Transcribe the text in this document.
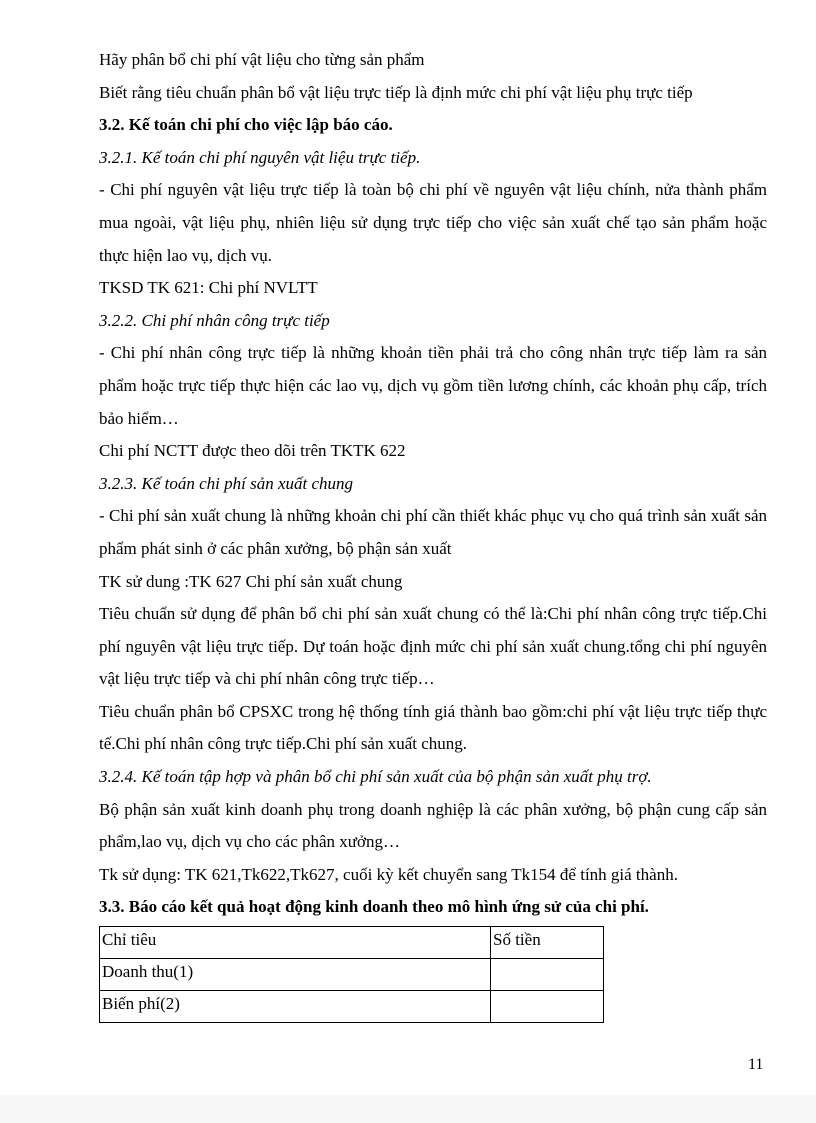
Hãy phân bổ chi phí vật liệu cho từng sản phẩm

Biết rằng tiêu chuẩn phân bổ vật liệu trực tiếp là định mức chi phí vật liệu phụ trực tiếp

3.2. Kế toán chi phí cho việc lập báo cáo.

3.2.1. Kế toán chi phí nguyên vật liệu trực tiếp.

- Chi phí nguyên vật liệu trực tiếp là toàn bộ chi phí về nguyên vật liệu chính, nửa thành phẩm mua ngoài, vật liệu phụ, nhiên liệu sử dụng trực tiếp cho việc sản xuất chế tạo sản phẩm hoặc thực hiện lao vụ, dịch vụ.

TKSD TK 621: Chi phí NVLTT

3.2.2. Chi phí nhân công trực tiếp

- Chi phí nhân công trực tiếp là những khoản tiền phải trả cho công nhân trực tiếp làm ra sản phẩm hoặc trực tiếp thực hiện các lao vụ, dịch vụ gồm tiền lương chính, các khoản phụ cấp, trích bảo hiểm…

Chi phí NCTT được theo dõi trên TKTK 622

3.2.3. Kế toán chi phí sản xuất chung

- Chi phí sản xuất chung là những khoản chi phí cần thiết khác phục vụ cho quá trình sản xuất sản phẩm phát sinh ở các phân xưởng, bộ phận sản xuất

TK sử dung :TK 627 Chi phí sản xuất chung

Tiêu chuẩn sử dụng để phân bổ chi phí sản xuất chung có thể là:Chi phí nhân công trực tiếp.Chi phí nguyên vật liệu trực tiếp. Dự toán hoặc định mức chi phí sản xuất chung.tổng chi phí nguyên vật liệu trực tiếp và chi phí nhân công trực tiếp…

Tiêu chuẩn phân bổ CPSXC trong hệ thống tính giá thành bao gồm:chi phí vật liệu trực tiếp thực tế.Chi phí nhân công trực tiếp.Chi phí sản xuất chung.

3.2.4. Kế toán tập hợp và phân bổ chi phí sản xuất của bộ phận sản xuất phụ trợ.

Bộ phận sản xuất kinh doanh phụ trong doanh nghiệp là các phân xưởng, bộ phận cung cấp sản phẩm,lao vụ, dịch vụ cho các phân xưởng…

Tk sử dụng: TK 621,Tk622,Tk627, cuối kỳ kết chuyển sang Tk154 để tính giá thành.

3.3. Báo cáo kết quả hoạt động kinh doanh theo mô hình ứng sử của chi phí.

Chỉ tiêu	Số tiền
Doanh thu(1)	
Biến phí(2)	
11
